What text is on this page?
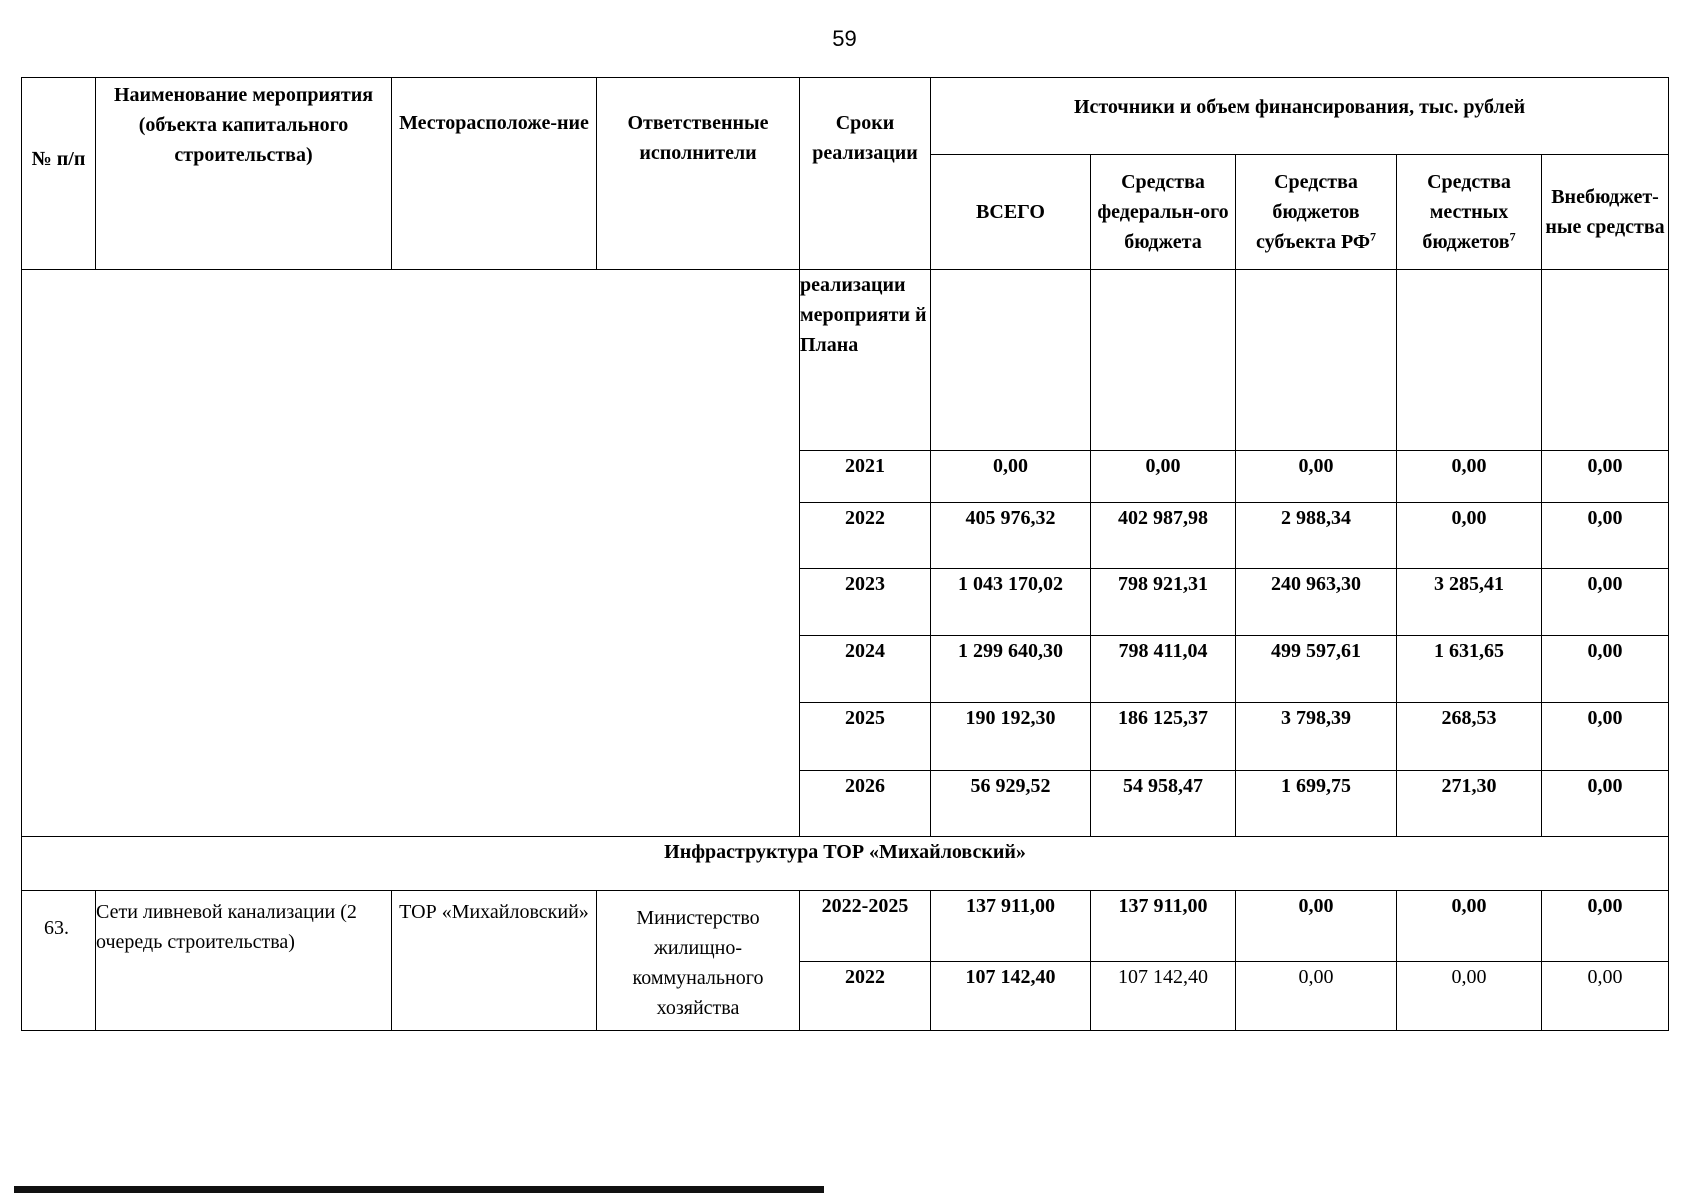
59
№ п/п	Наименование мероприятия (объекта капитального строительства)	Месторасположе-ние	Ответственные исполнители	Сроки реализации	Источники и объем финансирования, тыс. рублей				
					ВСЕГО	Средства федеральн-ого бюджета	Средства бюджетов субъекта $РФ^7$	Средства местных бюджетов$^7$	Внебюджет-ные средства
				реализации мероприяти й Плана					
				2021	0,00	0,00	0,00	0,00	0,00
				2022	405 976,32	402 987,98	2 988,34	0,00	0,00
				2023	1 043 170,02	798 921,31	240 963,30	3 285,41	0,00
				2024	1 299 640,30	798 411,04	499 597,61	1 631,65	0,00
				2025	190 192,30	186 125,37	3 798,39	268,53	0,00
				2026	56 929,52	54 958,47	1 699,75	271,30	0,00
Инфраструктура ТОР «Михайловский»									
63.	Сети ливневой канализации (2 очередь строительства)	ТОР «Михайловский»	Министерство жилищно-коммунального хозяйства	2022-2025	137 911,00	137 911,00	0,00	0,00	0,00
				2022	107 142,40	107 142,40	0,00	0,00	0,00
